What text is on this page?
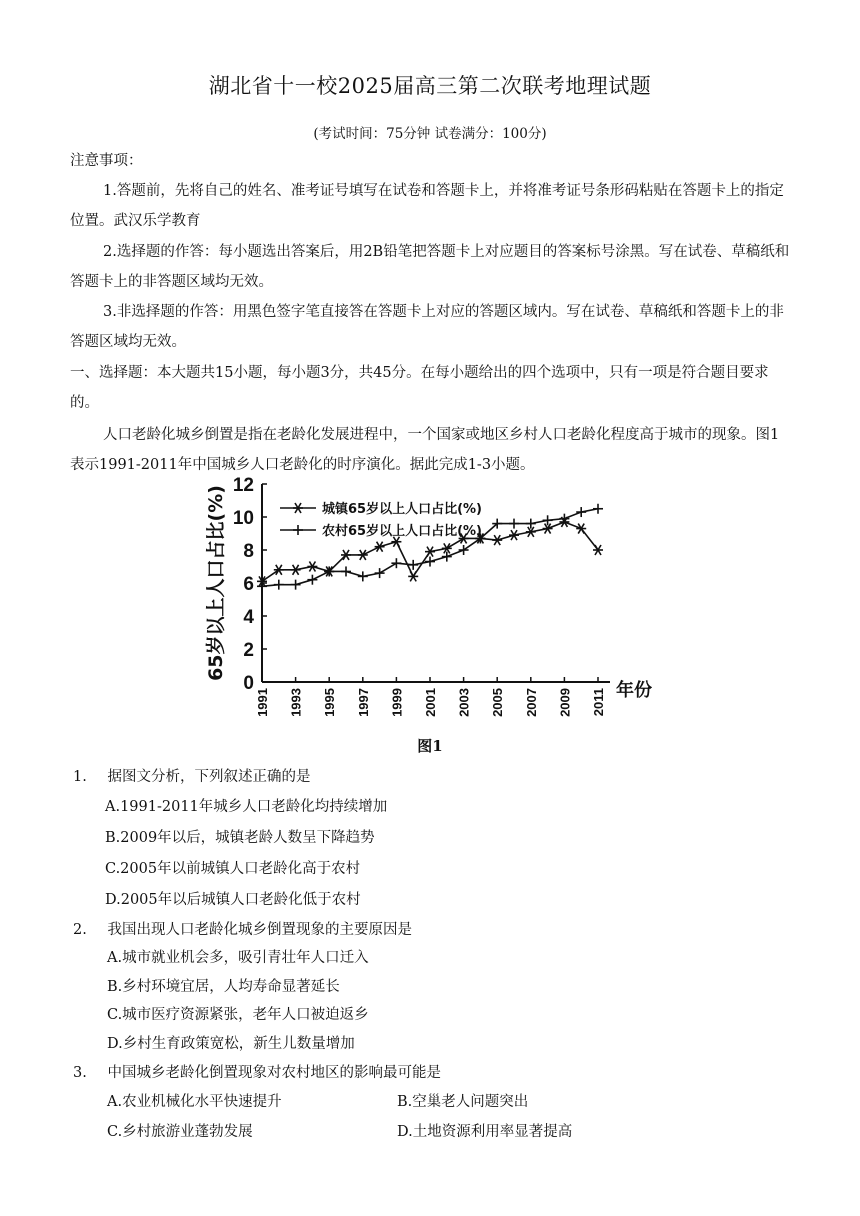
湖北省十一校2025届高三第二次联考地理试题
(考试时间：75分钟 试卷满分：100分)
注意事项：
1.答题前，先将自己的姓名、准考证号填写在试卷和答题卡上，并将准考证号条形码粘贴在答题卡上的指定位置。武汉乐学教育
2.选择题的作答：每小题选出答案后，用2B铅笔把答题卡上对应题目的答案标号涂黑。写在试卷、草稿纸和答题卡上的非答题区域均无效。
3.非选择题的作答：用黑色签字笔直接答在答题卡上对应的答题区域内。写在试卷、草稿纸和答题卡上的非答题区域均无效。
一、选择题：本大题共15小题，每小题3分，共45分。在每小题给出的四个选项中，只有一项是符合题目要求的。
人口老龄化城乡倒置是指在老龄化发展进程中，一个国家或地区乡村人口老龄化程度高于城市的现象。图1 表示1991-2011年中国城乡人口老龄化的时序演化。据此完成1-3小题。
0
2
4
6
8
10
12
1991 1993 1995 1997 1999 2001 2003 2005 2007 2009 2011 年份
65岁以上人口占比(%)	城镇65岁以上人口占比(%)
农村65岁以上人口占比(%)
图1
1. 据图文分析，下列叙述正确的是
A.1991-2011年城乡人口老龄化均持续增加
B.2009年以后，城镇老龄人数呈下降趋势
C.2005年以前城镇人口老龄化高于农村
D.2005年以后城镇人口老龄化低于农村
2. 我国出现人口老龄化城乡倒置现象的主要原因是
A.城市就业机会多，吸引青壮年人口迁入
B.乡村环境宜居，人均寿命显著延长
C.城市医疗资源紧张，老年人口被迫返乡
D.乡村生育政策宽松，新生儿数量增加
3. 中国城乡老龄化倒置现象对农村地区的影响最可能是
A.农业机械化水平快速提升	B.空巢老人问题突出
C.乡村旅游业蓬勃发展	D.土地资源利用率显著提高
